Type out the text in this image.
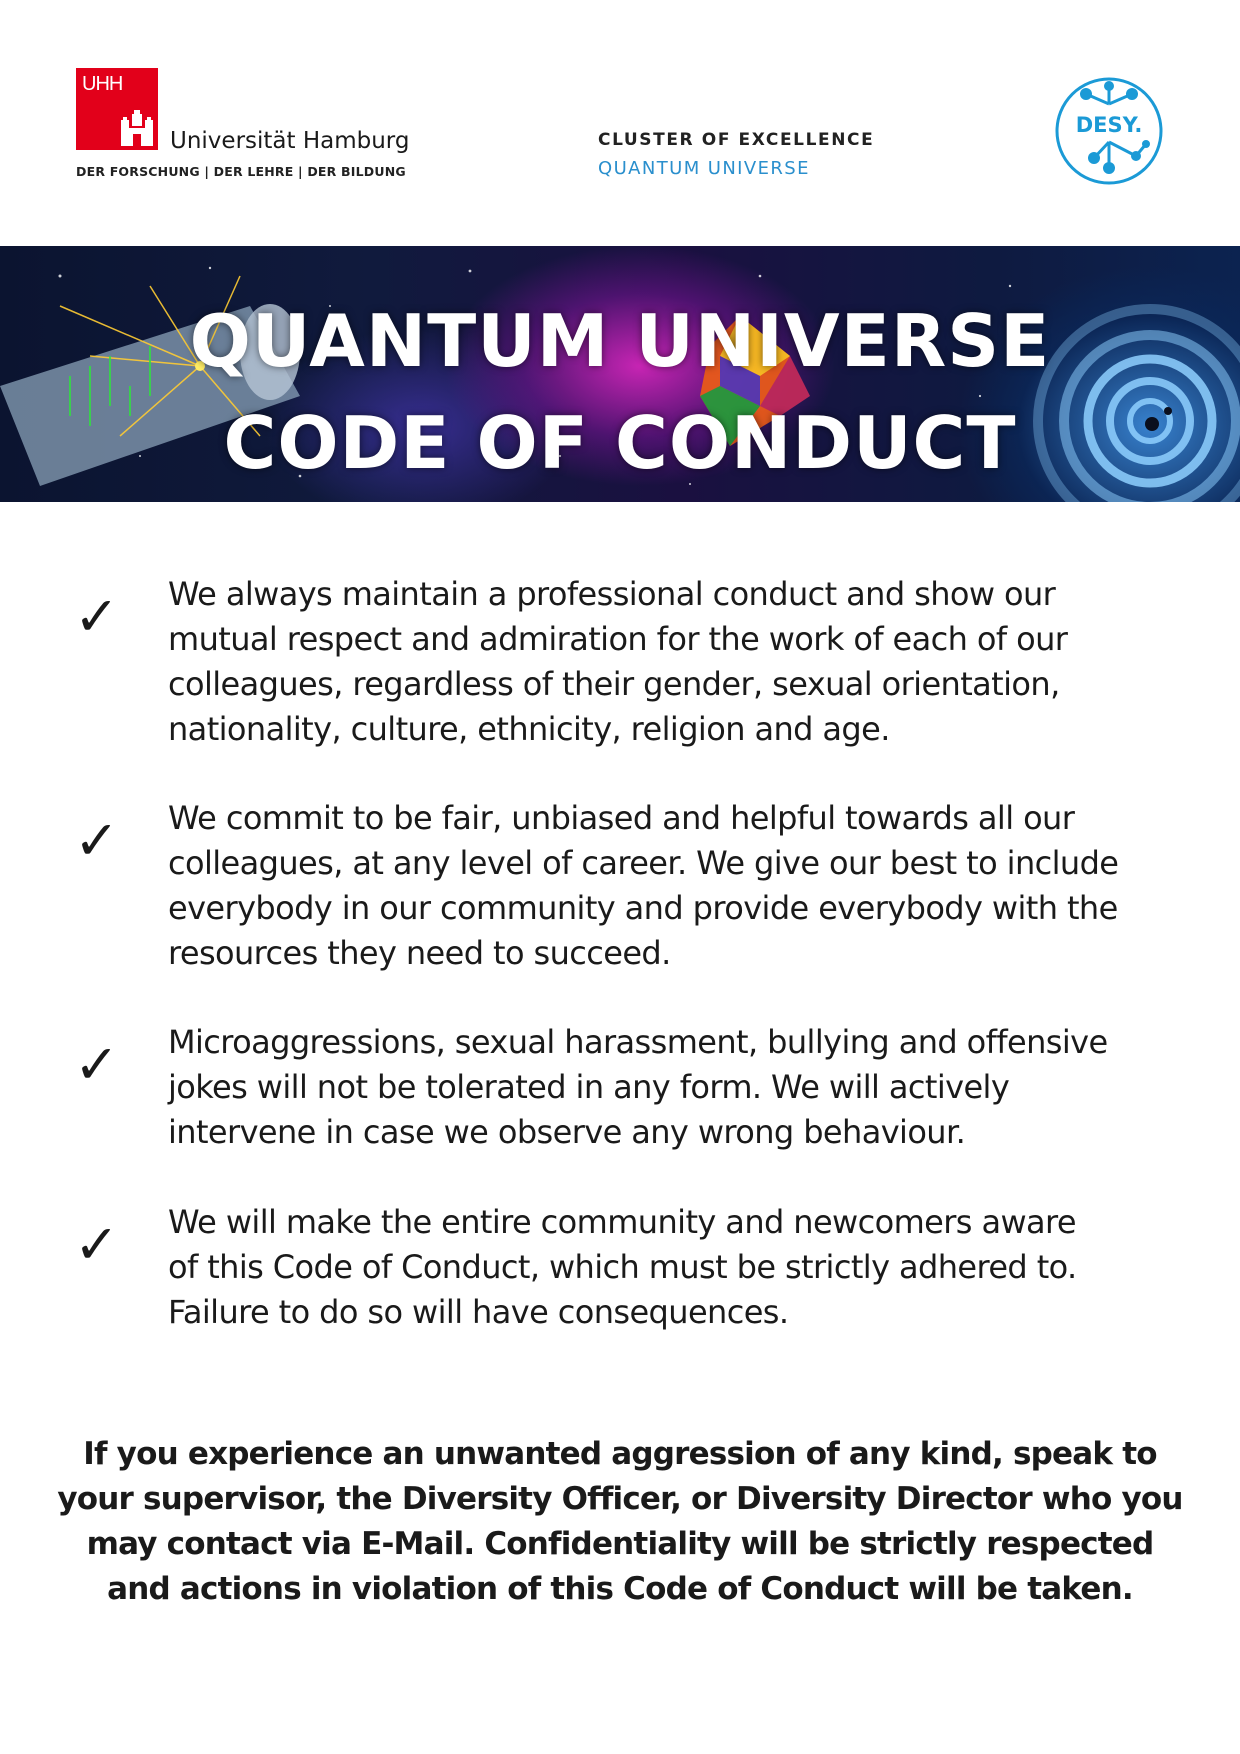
UHH
Universität Hamburg
DER FORSCHUNG | DER LEHRE | DER BILDUNG
CLUSTER OF EXCELLENCE
QUANTUM UNIVERSE
DESY.
QUANTUM UNIVERSE
CODE OF CONDUCT
✓ We always maintain a professional conduct and show our
mutual respect and admiration for the work of each of our
colleagues, regardless of their gender, sexual orientation,
nationality, culture, ethnicity, religion and age.
✓ We commit to be fair, unbiased and helpful towards all our
colleagues, at any level of career. We give our best to include
everybody in our community and provide everybody with the
resources they need to succeed.
✓ Microaggressions, sexual harassment, bullying and offensive
jokes will not be tolerated in any form. We will actively
intervene in case we observe any wrong behaviour.
✓ We will make the entire community and newcomers aware
of this Code of Conduct, which must be strictly adhered to.
Failure to do so will have consequences.
If you experience an unwanted aggression of any kind, speak to
your supervisor, the Diversity Officer, or Diversity Director who you
may contact via E-Mail. Confidentiality will be strictly respected
and actions in violation of this Code of Conduct will be taken.
